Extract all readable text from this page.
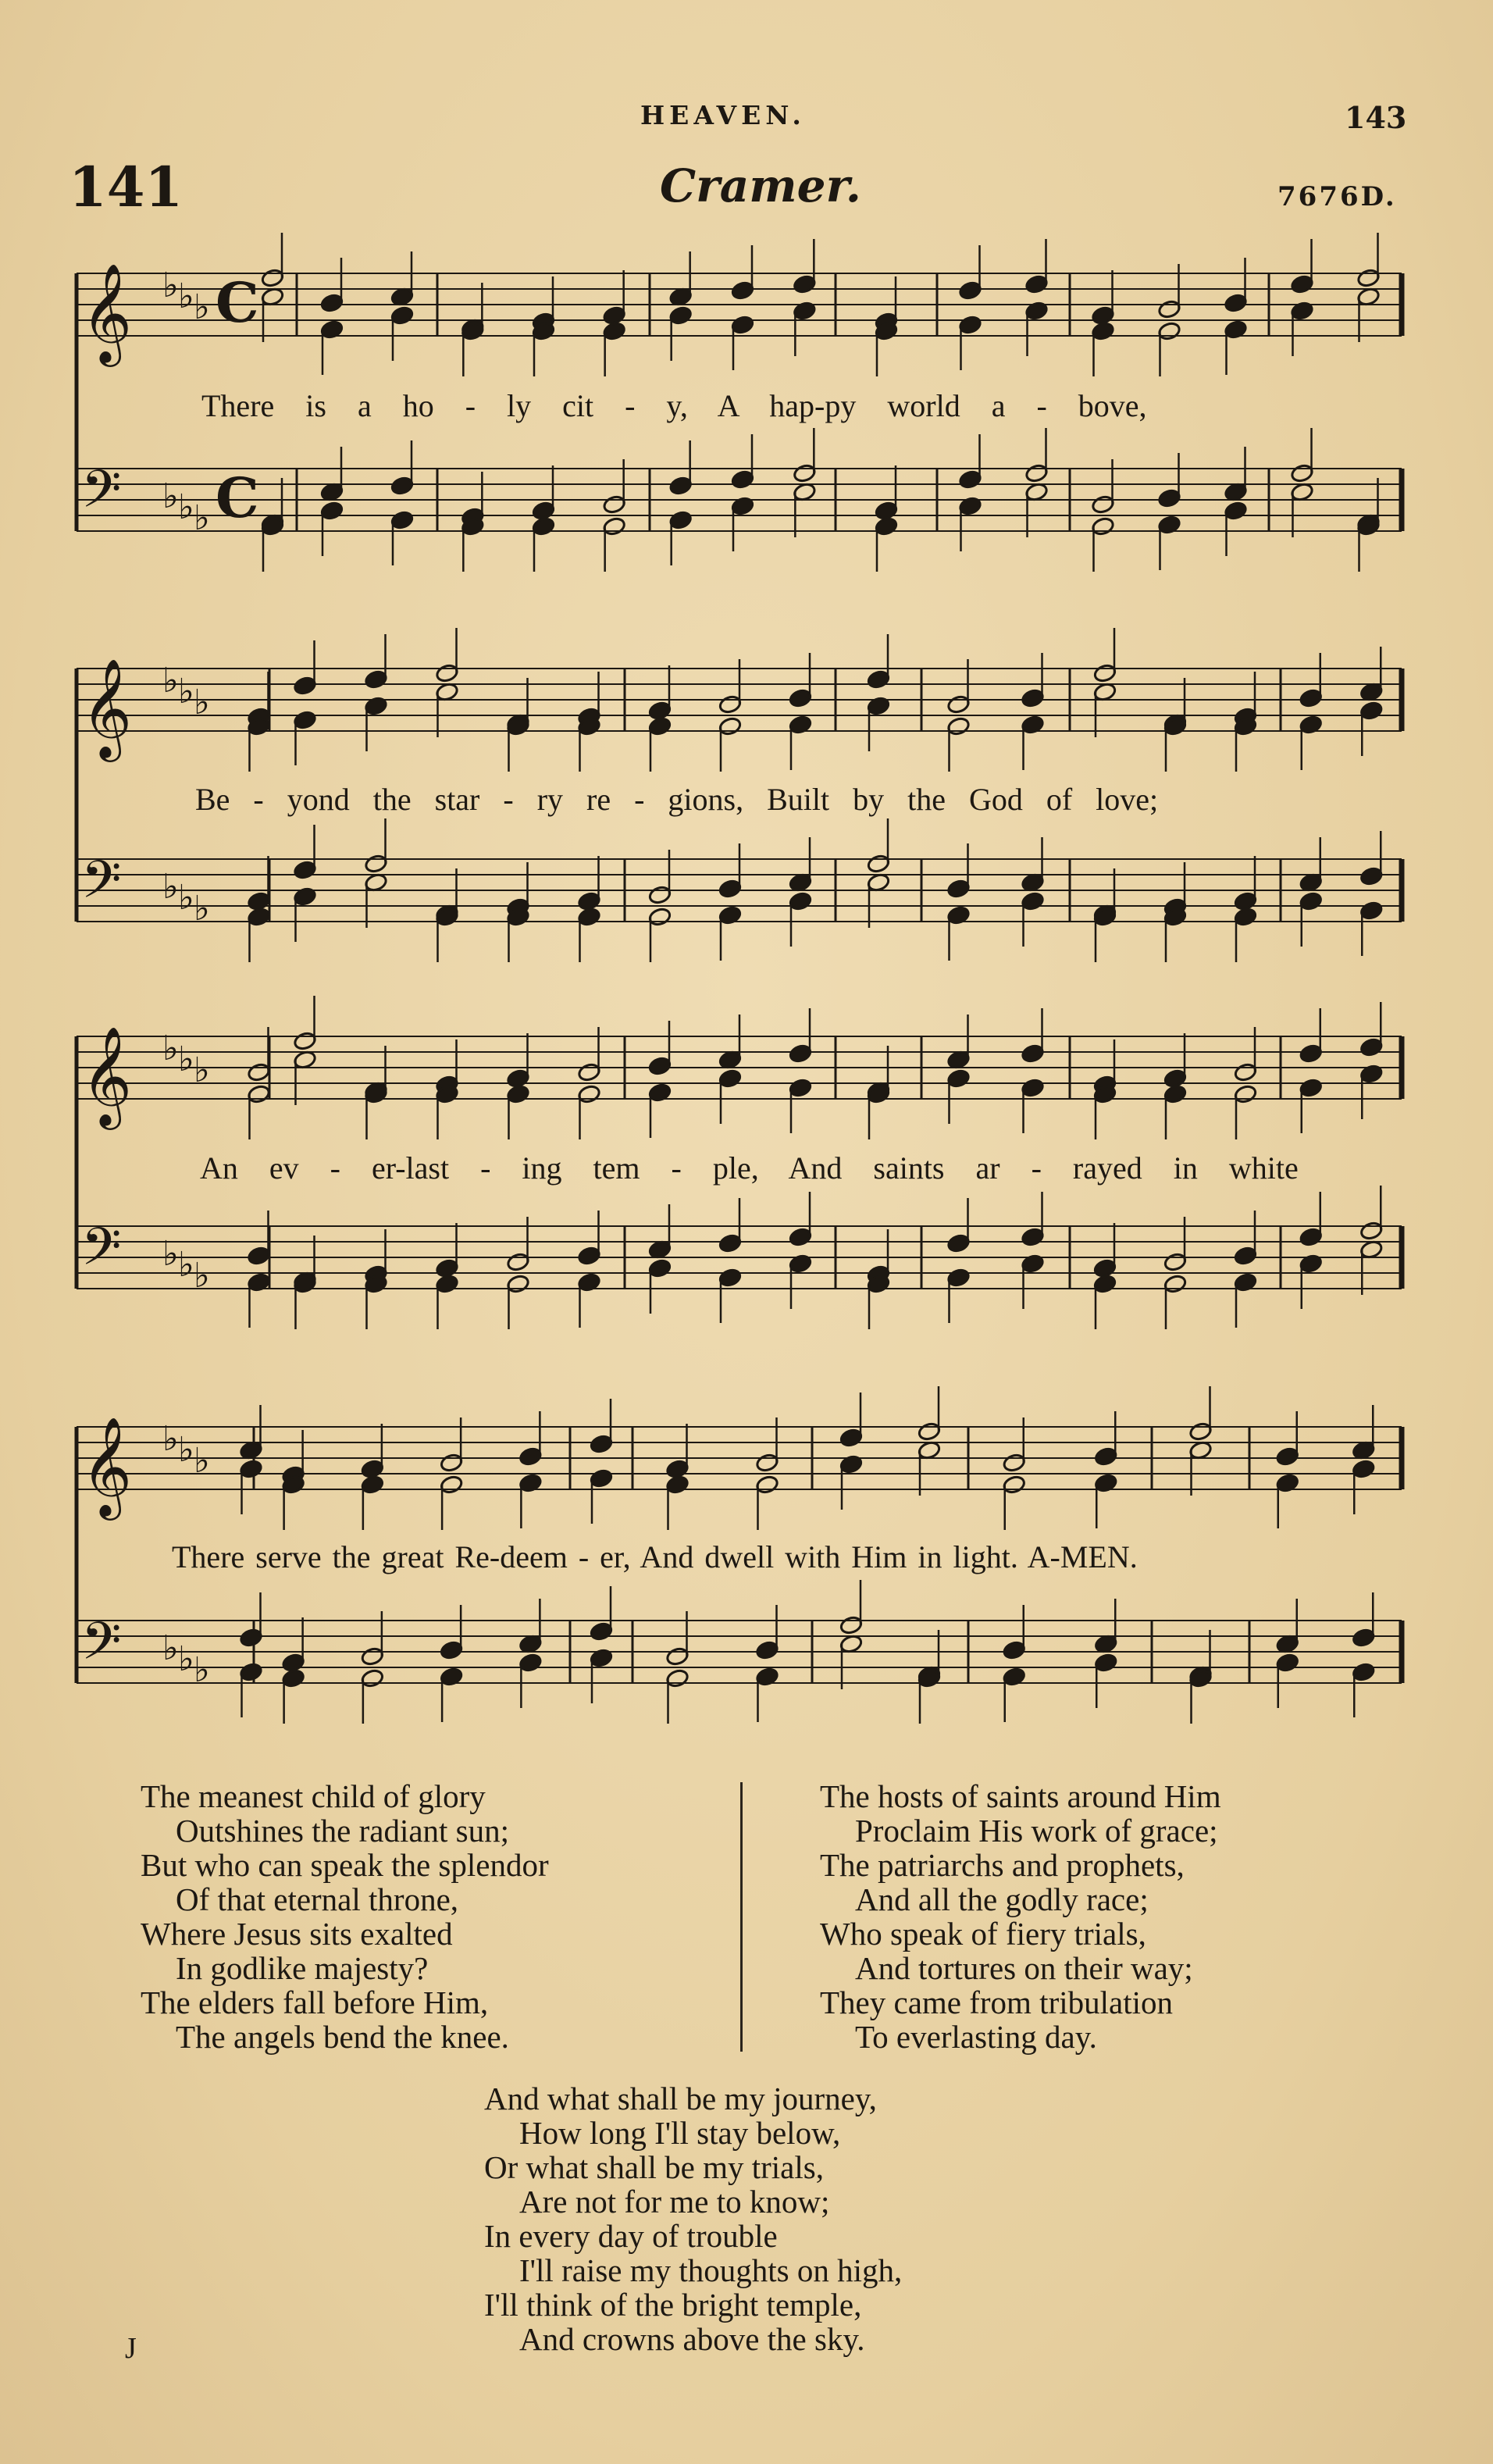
HEAVEN.	143
141	Cramer.	7676D.
𝄞 ♭ ♭ ♭ C
𝄢 ♭ ♭ ♭ C
𝄞 ♭ ♭ ♭
𝄢 ♭ ♭ ♭
𝄞 ♭ ♭ ♭
𝄢 ♭ ♭ ♭
𝄞 ♭ ♭ ♭
𝄢 ♭ ♭ ♭
There is a ho - ly cit - y, A hap-py world a - bove,
Be - yond the star - ry re - gions, Built by the God of love;
An ev - er-last - ing tem - ple, And saints ar - rayed in white
There serve the great Re-deem - er, And dwell with Him in light. A-MEN.
The meanest child of glory
Outshines the radiant sun;
But who can speak the splendor
Of that eternal throne,
Where Jesus sits exalted
In godlike majesty?
The elders fall before Him,
The angels bend the knee.
The hosts of saints around Him
Proclaim His work of grace;
The patriarchs and prophets,
And all the godly race;
Who speak of fiery trials,
And tortures on their way;
They came from tribulation
To everlasting day.
And what shall be my journey,
How long I'll stay below,
Or what shall be my trials,
Are not for me to know;
In every day of trouble
I'll raise my thoughts on high,
I'll think of the bright temple,
And crowns above the sky.
J
